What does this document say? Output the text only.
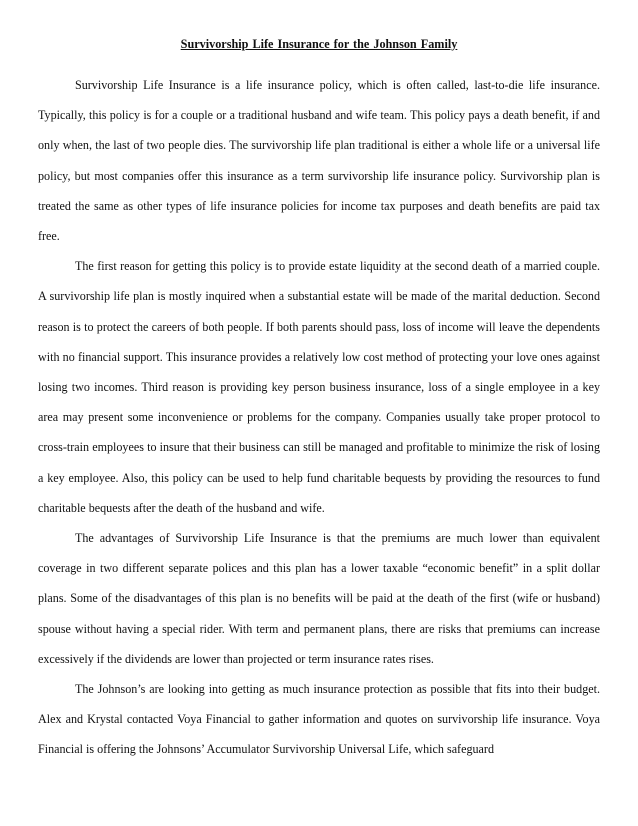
Survivorship Life Insurance for the Johnson Family

Survivorship Life Insurance is a life insurance policy, which is often called, last-to-die life insurance. Typically, this policy is for a couple or a traditional husband and wife team. This policy pays a death benefit, if and only when, the last of two people dies. The survivorship life plan traditional is either a whole life or a universal life policy, but most companies offer this insurance as a term survivorship life insurance policy. Survivorship plan is treated the same as other types of life insurance policies for income tax purposes and death benefits are paid tax free.

The first reason for getting this policy is to provide estate liquidity at the second death of a married couple. A survivorship life plan is mostly inquired when a substantial estate will be made of the marital deduction. Second reason is to protect the careers of both people. If both parents should pass, loss of income will leave the dependents with no financial support. This insurance provides a relatively low cost method of protecting your love ones against losing two incomes. Third reason is providing key person business insurance, loss of a single employee in a key area may present some inconvenience or problems for the company. Companies usually take proper protocol to cross-train employees to insure that their business can still be managed and profitable to minimize the risk of losing a key employee. Also, this policy can be used to help fund charitable bequests by providing the resources to fund charitable bequests after the death of the husband and wife.

The advantages of Survivorship Life Insurance is that the premiums are much lower than equivalent coverage in two different separate polices and this plan has a lower taxable “economic benefit” in a split dollar plans. Some of the disadvantages of this plan is no benefits will be paid at the death of the first (wife or husband) spouse without having a special rider. With term and permanent plans, there are risks that premiums can increase excessively if the dividends are lower than projected or term insurance rates rises.

The Johnson’s are looking into getting as much insurance protection as possible that fits into their budget. Alex and Krystal contacted Voya Financial to gather information and quotes on survivorship life insurance. Voya Financial is offering the Johnsons’ Accumulator Survivorship Universal Life, which safeguard
